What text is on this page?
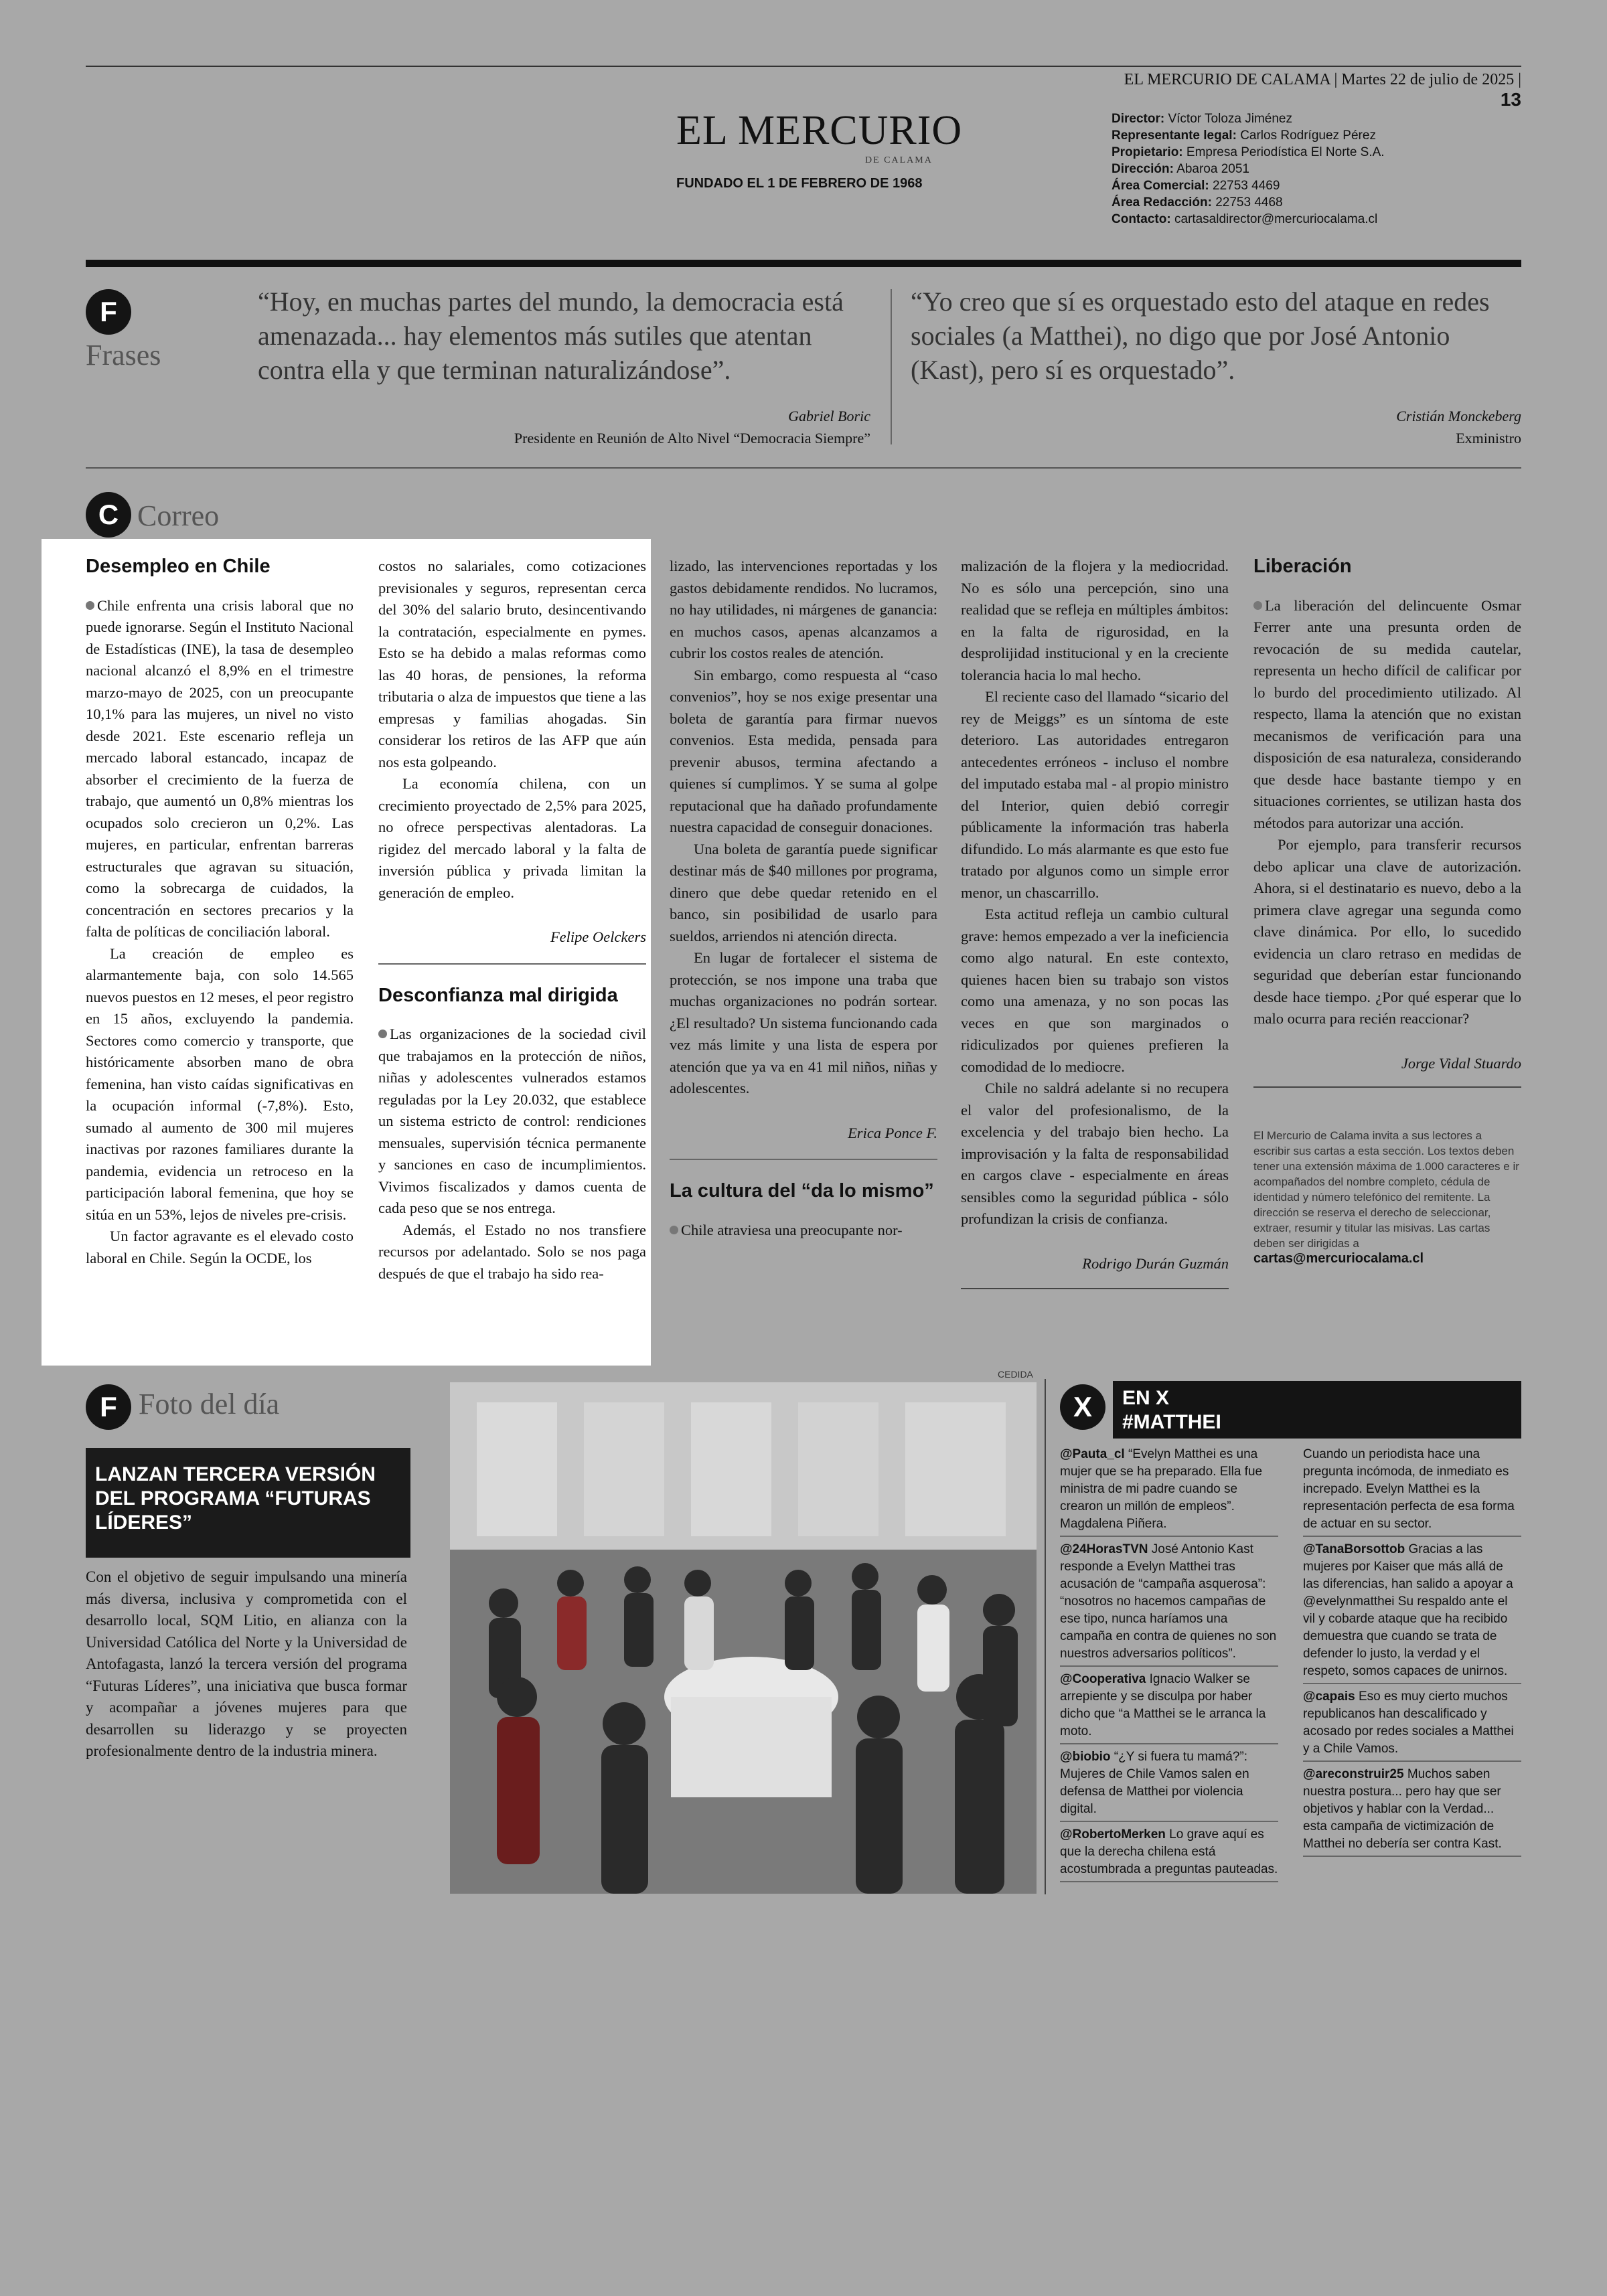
EL MERCURIO DE CALAMA | Martes 22 de julio de 2025 | 13
EL MERCURIO
DE CALAMA
FUNDADO EL 1 DE FEBRERO DE 1968
Director: Víctor Toloza Jiménez
Representante legal: Carlos Rodríguez Pérez
Propietario: Empresa Periodística El Norte S.A.
Dirección: Abaroa 2051
Área Comercial: 22753 4469
Área Redacción: 22753 4468
Contacto: cartasaldirector@mercuriocalama.cl
F
Frases
“Hoy, en muchas partes del mundo, la democracia está amenazada... hay elementos más sutiles que atentan contra ella y que terminan naturalizándose”.
Gabriel Boric
Presidente en Reunión de Alto Nivel “Democracia Siempre”
“Yo creo que sí es orquestado esto del ataque en redes sociales (a Matthei), no digo que por José Antonio (Kast), pero sí es orquestado”.
Cristián Monckeberg
Exministro
C Correo
Desempleo en Chile

Chile enfrenta una crisis laboral que no puede ignorarse. Según el Instituto Nacional de Estadísticas (INE), la tasa de desempleo nacional alcanzó el 8,9% en el trimestre marzo-mayo de 2025, con un preocupante 10,1% para las mujeres, un nivel no visto desde 2021. Este escenario refleja un mercado laboral estancado, incapaz de absorber el crecimiento de la fuerza de trabajo, que aumentó un 0,8% mientras los ocupados solo crecieron un 0,2%. Las mujeres, en particular, enfrentan barreras estructurales que agravan su situación, como la sobrecarga de cuidados, la concentración en sectores precarios y la falta de políticas de conciliación laboral.

La creación de empleo es alarmantemente baja, con solo 14.565 nuevos puestos en 12 meses, el peor registro en 15 años, excluyendo la pandemia. Sectores como comercio y transporte, que históricamente absorben mano de obra femenina, han visto caídas significativas en la ocupación informal (-7,8%). Esto, sumado al aumento de 300 mil mujeres inactivas por razones familiares durante la pandemia, evidencia un retroceso en la participación laboral femenina, que hoy se sitúa en un 53%, lejos de niveles pre-crisis.

Un factor agravante es el elevado costo laboral en Chile. Según la OCDE, los

costos no salariales, como cotizaciones previsionales y seguros, representan cerca del 30% del salario bruto, desincentivando la contratación, especialmente en pymes. Esto se ha debido a malas reformas como las 40 horas, de pensiones, la reforma tributaria o alza de impuestos que tiene a las empresas y familias ahogadas. Sin considerar los retiros de las AFP que aún nos esta golpeando.

La economía chilena, con un crecimiento proyectado de 2,5% para 2025, no ofrece perspectivas alentadoras. La rigidez del mercado laboral y la falta de inversión pública y privada limitan la generación de empleo.

Felipe Oelckers

Desconfianza mal dirigida

Las organizaciones de la sociedad civil que trabajamos en la protección de niños, niñas y adolescentes vulnerados estamos reguladas por la Ley 20.032, que establece un sistema estricto de control: rendiciones mensuales, supervisión técnica permanente y sanciones en caso de incumplimientos. Vivimos fiscalizados y damos cuenta de cada peso que se nos entrega.

Además, el Estado no nos transfiere recursos por adelantado. Solo se nos paga después de que el trabajo ha sido rea-

lizado, las intervenciones reportadas y los gastos debidamente rendidos. No lucramos, no hay utilidades, ni márgenes de ganancia: en muchos casos, apenas alcanzamos a cubrir los costos reales de atención.

Sin embargo, como respuesta al “caso convenios”, hoy se nos exige presentar una boleta de garantía para firmar nuevos convenios. Esta medida, pensada para prevenir abusos, termina afectando a quienes sí cumplimos. Y se suma al golpe reputacional que ha dañado profundamente nuestra capacidad de conseguir donaciones.

Una boleta de garantía puede significar destinar más de $40 millones por programa, dinero que debe quedar retenido en el banco, sin posibilidad de usarlo para sueldos, arriendos ni atención directa.

En lugar de fortalecer el sistema de protección, se nos impone una traba que muchas organizaciones no podrán sortear. ¿El resultado? Un sistema funcionando cada vez más limite y una lista de espera por atención que ya va en 41 mil niños, niñas y adolescentes.

Erica Ponce F.

La cultura del “da lo mismo”

Chile atraviesa una preocupante nor-

malización de la flojera y la mediocridad. No es sólo una percepción, sino una realidad que se refleja en múltiples ámbitos: en la falta de rigurosidad, en la desprolijidad institucional y en la creciente tolerancia hacia lo mal hecho.

El reciente caso del llamado “sicario del rey de Meiggs” es un síntoma de este deterioro. Las autoridades entregaron antecedentes erróneos - incluso el nombre del imputado estaba mal - al propio ministro del Interior, quien debió corregir públicamente la información tras haberla difundido. Lo más alarmante es que esto fue tratado por algunos como un simple error menor, un chascarrillo.

Esta actitud refleja un cambio cultural grave: hemos empezado a ver la ineficiencia como algo natural. En este contexto, quienes hacen bien su trabajo son vistos como una amenaza, y no son pocas las veces en que son marginados o ridiculizados por quienes prefieren la comodidad de lo mediocre.

Chile no saldrá adelante si no recupera el valor del profesionalismo, de la excelencia y del trabajo bien hecho. La improvisación y la falta de responsabilidad en cargos clave - especialmente en áreas sensibles como la seguridad pública - sólo profundizan la crisis de confianza.

Rodrigo Durán Guzmán

Liberación

La liberación del delincuente Osmar Ferrer ante una presunta orden de revocación de su medida cautelar, representa un hecho difícil de calificar por lo burdo del procedimiento utilizado. Al respecto, llama la atención que no existan mecanismos de verificación para una disposición de esa naturaleza, considerando que desde hace bastante tiempo y en situaciones corrientes, se utilizan hasta dos métodos para autorizar una acción.

Por ejemplo, para transferir recursos debo aplicar una clave de autorización. Ahora, si el destinatario es nuevo, debo a la primera clave agregar una segunda como clave dinámica. Por ello, lo sucedido evidencia un claro retraso en medidas de seguridad que deberían estar funcionando desde hace tiempo. ¿Por qué esperar que lo malo ocurra para recién reaccionar?

Jorge Vidal Stuardo

El Mercurio de Calama invita a sus lectores a escribir sus cartas a esta sección. Los textos deben tener una extensión máxima de 1.000 caracteres e ir acompañados del nombre completo, cédula de identidad y número telefónico del remitente. La dirección se reserva el derecho de seleccionar, extraer, resumir y titular las misivas. Las cartas deben ser dirigidas a
cartas@mercuriocalama.cl
F Foto del día
LANZAN TERCERA VERSIÓN DEL PROGRAMA “FUTURAS LÍDERES”
Con el objetivo de seguir impulsando una minería más diversa, inclusiva y comprometida con el desarrollo local, SQM Litio, en alianza con la Universidad Católica del Norte y la Universidad de Antofagasta, lanzó la tercera versión del programa “Futuras Líderes”, una iniciativa que busca formar y acompañar a jóvenes mujeres para que desarrollen su liderazgo y se proyecten profesionalmente dentro de la industria minera.
CEDIDA
X	EN X
#MATTHEI

@Pauta_cl “Evelyn Matthei es una mujer que se ha preparado. Ella fue ministra de mi padre cuando se crearon un millón de empleos”. Magdalena Piñera.

@24HorasTVN José Antonio Kast responde a Evelyn Matthei tras acusación de “campaña asquerosa”: “nosotros no hacemos campañas de ese tipo, nunca haríamos una campaña en contra de quienes no son nuestros adversarios políticos”.

@Cooperativa Ignacio Walker se arrepiente y se disculpa por haber dicho que “a Matthei se le arranca la moto.

@biobio “¿Y si fuera tu mamá?”: Mujeres de Chile Vamos salen en defensa de Matthei por violencia digital.

@RobertoMerken Lo grave aquí es que la derecha chilena está acostumbrada a preguntas pauteadas.

Cuando un periodista hace una pregunta incómoda, de inmediato es increpado. Evelyn Matthei es la representación perfecta de esa forma de actuar en su sector.

@TanaBorsottob Gracias a las mujeres por Kaiser que más allá de las diferencias, han salido a apoyar a @evelynmatthei Su respaldo ante el vil y cobarde ataque que ha recibido demuestra que cuando se trata de defender lo justo, la verdad y el respeto, somos capaces de unirnos.

@capais Eso es muy cierto muchos republicanos han descalificado y acosado por redes sociales a Matthei y a Chile Vamos.

@areconstruir25 Muchos saben nuestra postura... pero hay que ser objetivos y hablar con la Verdad... esta campaña de victimización de Matthei no debería ser contra Kast.
